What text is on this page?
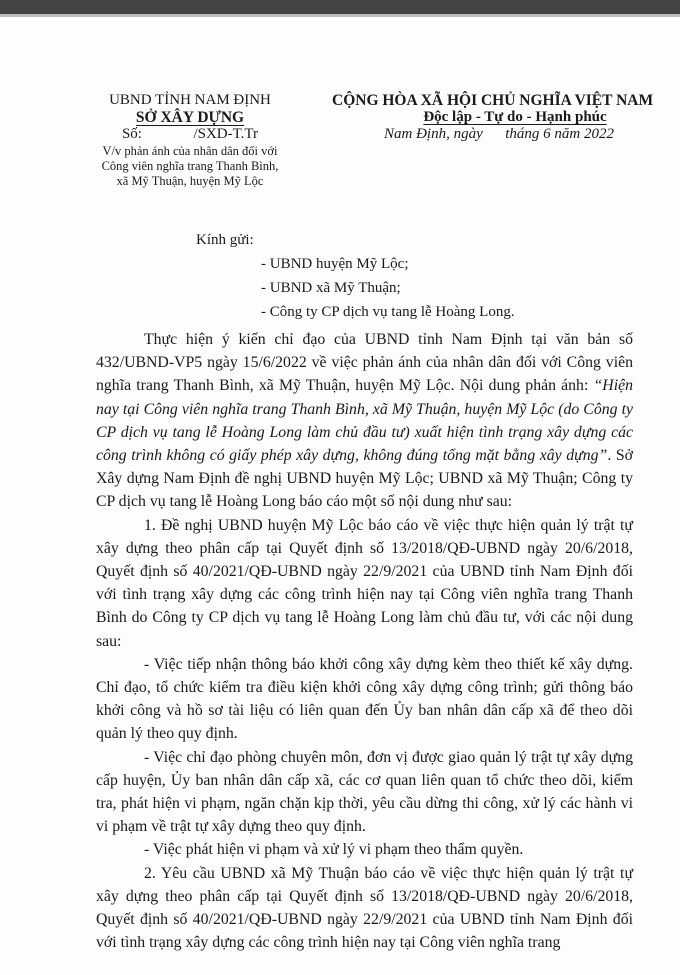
UBND TỈNH NAM ĐỊNH
SỞ XÂY DỰNG
Số:	/SXD-T.Tr
V/v phản ánh của nhân dân đối với
Công viên nghĩa trang Thanh Bình,
xã Mỹ Thuận, huyện Mỹ Lộc
CỘNG HÒA XÃ HỘI CHỦ NGHĨA VIỆT NAM
Độc lập - Tự do - Hạnh phúc
Nam Định, ngày      tháng 6 năm 2022
Kính gửi:
- UBND huyện Mỹ Lộc;
- UBND xã Mỹ Thuận;
- Công ty CP dịch vụ tang lễ Hoàng Long.

Thực hiện ý kiến chỉ đạo của UBND tỉnh Nam Định tại văn bản số 432/UBND-VP5 ngày 15/6/2022 về việc phản ánh của nhân dân đối với Công viên nghĩa trang Thanh Bình, xã Mỹ Thuận, huyện Mỹ Lộc. Nội dung phản ánh: “Hiện nay tại Công viên nghĩa trang Thanh Bình, xã Mỹ Thuận, huyện Mỹ Lộc (do Công ty CP dịch vụ tang lễ Hoàng Long làm chủ đầu tư) xuất hiện tình trạng xây dựng các công trình không có giấy phép xây dựng, không đúng tổng mặt bằng xây dựng”. Sở Xây dựng Nam Định đề nghị UBND huyện Mỹ Lộc; UBND xã Mỹ Thuận; Công ty CP dịch vụ tang lễ Hoàng Long báo cáo một số nội dung như sau:

1. Đề nghị UBND huyện Mỹ Lộc báo cáo về việc thực hiện quản lý trật tự xây dựng theo phân cấp tại Quyết định số 13/2018/QĐ-UBND ngày 20/6/2018, Quyết định số 40/2021/QĐ-UBND ngày 22/9/2021 của UBND tỉnh Nam Định đối với tình trạng xây dựng các công trình hiện nay tại Công viên nghĩa trang Thanh Bình do Công ty CP dịch vụ tang lễ Hoàng Long làm chủ đầu tư, với các nội dung sau:

- Việc tiếp nhận thông báo khởi công xây dựng kèm theo thiết kế xây dựng. Chỉ đạo, tổ chức kiểm tra điều kiện khởi công xây dựng công trình; gửi thông báo khởi công và hồ sơ tài liệu có liên quan đến Ủy ban nhân dân cấp xã để theo dõi quản lý theo quy định.

- Việc chỉ đạo phòng chuyên môn, đơn vị được giao quản lý trật tự xây dựng cấp huyện, Ủy ban nhân dân cấp xã, các cơ quan liên quan tổ chức theo dõi, kiểm tra, phát hiện vi phạm, ngăn chặn kịp thời, yêu cầu dừng thi công, xử lý các hành vi vi phạm về trật tự xây dựng theo quy định.

- Việc phát hiện vi phạm và xử lý vi phạm theo thẩm quyền.

2. Yêu cầu UBND xã Mỹ Thuận báo cáo về việc thực hiện quản lý trật tự xây dựng theo phân cấp tại Quyết định số 13/2018/QĐ-UBND ngày 20/6/2018, Quyết định số 40/2021/QĐ-UBND ngày 22/9/2021 của UBND tỉnh Nam Định đối với tình trạng xây dựng các công trình hiện nay tại Công viên nghĩa trang
